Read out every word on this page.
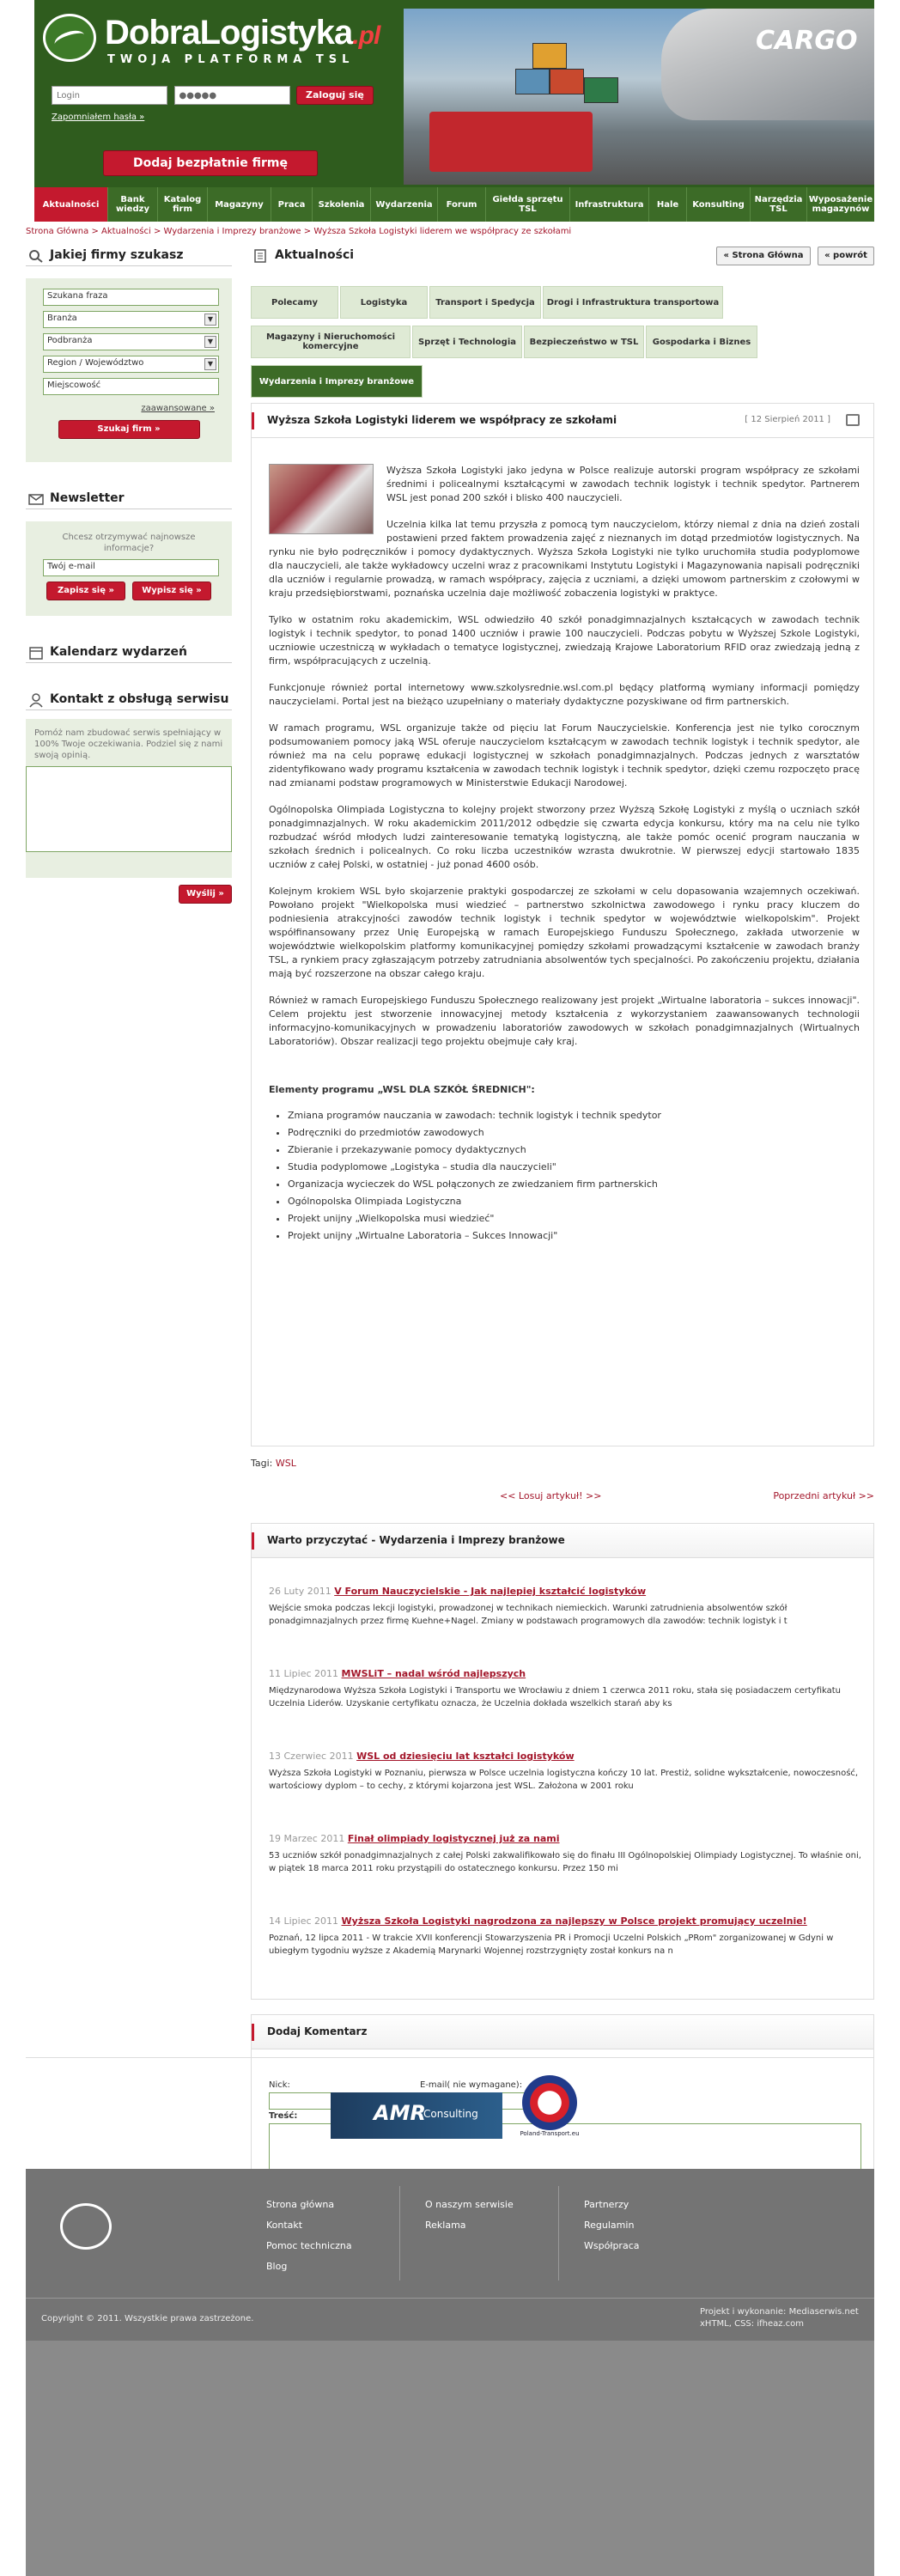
CARGO
DobraLogistyka.pl
TWOJA PLATFORMA TSL
Login ●●●●● Zaloguj się
Zapomniałem hasła »
Dodaj bezpłatnie firmę
Aktualności	Bank wiedzy
Katalog firm	Magazyny	Praca	Szkolenia	Wydarzenia	Forum	Giełda sprzętu TSL	Infrastruktura	Hale	Konsulting	Narzędzia TSL
Wyposażenie magazynów
Strona Główna > Aktualności > Wydarzenia i Imprezy branżowe > Wyższa Szkoła Logistyki liderem we współpracy ze szkołami
Jakiej firmy szukasz
Szukana fraza
Branża	▼
Podbranża	▼
Region / Województwo	▼
Miejscowość
zaawansowane »
Szukaj firm »
Newsletter
Chcesz otrzymywać najnowsze informacje?
Twój e-mail
Zapisz się »	Wypisz się »
Kalendarz wydarzeń
Kontakt z obsługą serwisu
Pomóż nam zbudować serwis spełniający w 100% Twoje oczekiwania. Podziel się z nami swoją opinią.
Wyślij »
Aktualności	« Strona Główna	« powrót
Polecamy	Logistyka	Transport i Spedycja	Drogi i Infrastruktura transportowa
Magazyny i Nieruchomości komercyjne	Sprzęt i Technologia	Bezpieczeństwo w TSL	Gospodarka i Biznes
Wydarzenia i Imprezy branżowe
Wyższa Szkoła Logistyki liderem we współpracy ze szkołami	[ 12 Sierpień 2011 ]

Wyższa Szkoła Logistyki jako jedyna w Polsce realizuje autorski program współpracy ze szkołami średnimi i policealnymi kształcącymi w zawodach technik logistyk i technik spedytor. Partnerem WSL jest ponad 200 szkół i blisko 400 nauczycieli.

Uczelnia kilka lat temu przyszła z pomocą tym nauczycielom, którzy niemal z dnia na dzień zostali postawieni przed faktem prowadzenia zajęć z nieznanych im dotąd przedmiotów logistycznych. Na rynku nie było podręczników i pomocy dydaktycznych. Wyższa Szkoła Logistyki nie tylko uruchomiła studia podyplomowe dla nauczycieli, ale także wykładowcy uczelni wraz z pracownikami Instytutu Logistyki i Magazynowania napisali podręczniki dla uczniów i regularnie prowadzą, w ramach współpracy, zajęcia z uczniami, a dzięki umowom partnerskim z czołowymi w kraju przedsiębiorstwami, poznańska uczelnia daje możliwość zobaczenia logistyki w praktyce.

Tylko w ostatnim roku akademickim, WSL odwiedziło 40 szkół ponadgimnazjalnych kształcących w zawodach technik logistyk i technik spedytor, to ponad 1400 uczniów i prawie 100 nauczycieli. Podczas pobytu w Wyższej Szkole Logistyki, uczniowie uczestniczą w wykładach o tematyce logistycznej, zwiedzają Krajowe Laboratorium RFID oraz zwiedzają jedną z firm, współpracujących z uczelnią.

Funkcjonuje również portal internetowy www.szkolysrednie.wsl.com.pl będący platformą wymiany informacji pomiędzy nauczycielami. Portal jest na bieżąco uzupełniany o materiały dydaktyczne pozyskiwane od firm partnerskich.

W ramach programu, WSL organizuje także od pięciu lat Forum Nauczycielskie. Konferencja jest nie tylko corocznym podsumowaniem pomocy jaką WSL oferuje nauczycielom kształcącym w zawodach technik logistyk i technik spedytor, ale również ma na celu poprawę edukacji logistycznej w szkołach ponadgimnazjalnych. Podczas jednych z warsztatów zidentyfikowano wady programu kształcenia w zawodach technik logistyk i technik spedytor, dzięki czemu rozpoczęto pracę nad zmianami podstaw programowych w Ministerstwie Edukacji Narodowej.

Ogólnopolska Olimpiada Logistyczna to kolejny projekt stworzony przez Wyższą Szkołę Logistyki z myślą o uczniach szkół ponadgimnazjalnych. W roku akademickim 2011/2012 odbędzie się czwarta edycja konkursu, który ma na celu nie tylko rozbudzać wśród młodych ludzi zainteresowanie tematyką logistyczną, ale także pomóc ocenić program nauczania w szkołach średnich i policealnych. Co roku liczba uczestników wzrasta dwukrotnie. W pierwszej edycji startowało 1835 uczniów z całej Polski, w ostatniej - już ponad 4600 osób.

Kolejnym krokiem WSL było skojarzenie praktyki gospodarczej ze szkołami w celu dopasowania wzajemnych oczekiwań. Powołano projekt "Wielkopolska musi wiedzieć – partnerstwo szkolnictwa zawodowego i rynku pracy kluczem do podniesienia atrakcyjności zawodów technik logistyk i technik spedytor w województwie wielkopolskim". Projekt współfinansowany przez Unię Europejską w ramach Europejskiego Funduszu Społecznego, zakłada utworzenie w województwie wielkopolskim platformy komunikacyjnej pomiędzy szkołami prowadzącymi kształcenie w zawodach branży TSL, a rynkiem pracy zgłaszającym potrzeby zatrudniania absolwentów tych specjalności. Po zakończeniu projektu, działania mają być rozszerzone na obszar całego kraju.

Również w ramach Europejskiego Funduszu Społecznego realizowany jest projekt „Wirtualne laboratoria – sukces innowacji". Celem projektu jest stworzenie innowacyjnej metody kształcenia z wykorzystaniem zaawansowanych technologii informacyjno-komunikacyjnych w prowadzeniu laboratoriów zawodowych w szkołach ponadgimnazjalnych (Wirtualnych Laboratoriów). Obszar realizacji tego projektu obejmuje cały kraj.

Elementy programu „WSL DLA SZKÓŁ ŚREDNICH":
• Zmiana programów nauczania w zawodach: technik logistyk i technik spedytor
• Podręczniki do przedmiotów zawodowych
• Zbieranie i przekazywanie pomocy dydaktycznych
• Studia podyplomowe „Logistyka – studia dla nauczycieli"
• Organizacja wycieczek do WSL połączonych ze zwiedzaniem firm partnerskich
• Ogólnopolska Olimpiada Logistyczna
• Projekt unijny „Wielkopolska musi wiedzieć"
• Projekt unijny „Wirtualne Laboratoria – Sukces Innowacji"
Tagi: WSL
<< Losuj artykuł! >>	Poprzedni artykuł >>
Warto przyczytać - Wydarzenia i Imprezy branżowe
26 Luty 2011 V Forum Nauczycielskie - Jak najlepiej kształcić logistyków
Wejście smoka podczas lekcji logistyki, prowadzonej w technikach niemieckich. Warunki zatrudnienia absolwentów szkół ponadgimnazjalnych przez firmę Kuehne+Nagel. Zmiany w podstawach programowych dla zawodów: technik logistyk i t
11 Lipiec 2011 MWSLiT – nadal wśród najlepszych
Międzynarodowa Wyższa Szkoła Logistyki i Transportu we Wrocławiu z dniem 1 czerwca 2011 roku, stała się posiadaczem certyfikatu Uczelnia Liderów. Uzyskanie certyfikatu oznacza, że Uczelnia dokłada wszelkich starań aby ks
13 Czerwiec 2011 WSL od dziesięciu lat kształci logistyków
Wyższa Szkoła Logistyki w Poznaniu, pierwsza w Polsce uczelnia logistyczna kończy 10 lat. Prestiż, solidne wykształcenie, nowoczesność, wartościowy dyplom – to cechy, z którymi kojarzona jest WSL. Założona w 2001 roku
19 Marzec 2011 Finał olimpiady logistycznej już za nami
53 uczniów szkół ponadgimnazjalnych z całej Polski zakwalifikowało się do finału III Ogólnopolskiej Olimpiady Logistycznej. To właśnie oni, w piątek 18 marca 2011 roku przystąpili do ostatecznego konkursu. Przez 150 mi
14 Lipiec 2011 Wyższa Szkoła Logistyki nagrodzona za najlepszy w Polsce projekt promujący uczelnie!
Poznań, 12 lipca 2011 - W trakcie XVII konferencji Stowarzyszenia PR i Promocji Uczelni Polskich „PRom" zorganizowanej w Gdyni w ubiegłym tygodniu wyższe z Akademią Marynarki Wojennej rozstrzygnięty został konkurs na n
Dodaj Komentarz
Nick:	E-mail( nie wymagane):
Treść:	AMR
Consulting
Poland-Transport.eu
Strona główna
Kontakt
Pomoc techniczna
Blog
O naszym serwisie
Reklama
Partnerzy
Regulamin
Współpraca
Copyright © 2011. Wszystkie prawa zastrzeżone.
Projekt i wykonanie: Mediaserwis.net
xHTML, CSS: ifheaz.com
